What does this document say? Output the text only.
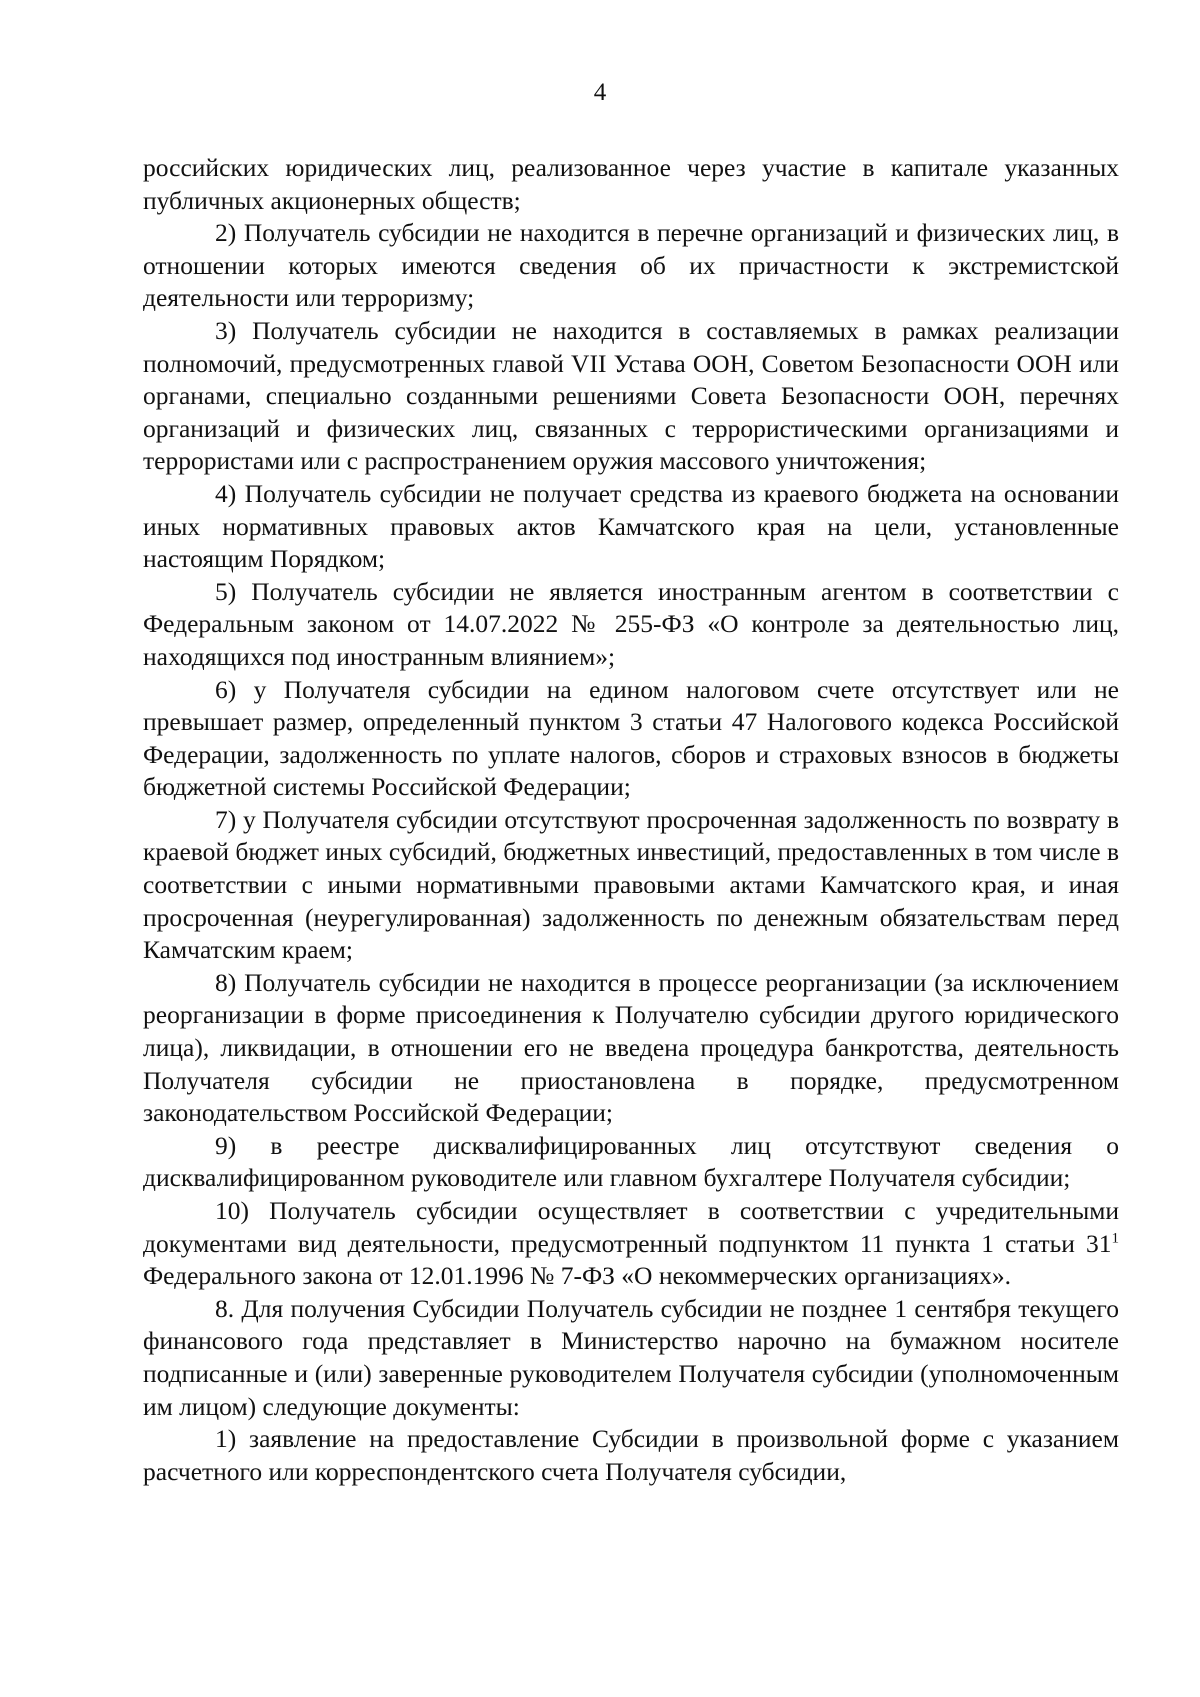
4

российских юридических лиц, реализованное через участие в капитале указанных публичных акционерных обществ;

2) Получатель субсидии не находится в перечне организаций и физических лиц, в отношении которых имеются сведения об их причастности к экстремистской деятельности или терроризму;

3) Получатель субсидии не находится в составляемых в рамках реализации полномочий, предусмотренных главой VII Устава ООН, Советом Безопасности ООН или органами, специально созданными решениями Совета Безопасности ООН, перечнях организаций и физических лиц, связанных с террористическими организациями и террористами или с распространением оружия массового уничтожения;

4) Получатель субсидии не получает средства из краевого бюджета на основании иных нормативных правовых актов Камчатского края на цели, установленные настоящим Порядком;

5) Получатель субсидии не является иностранным агентом в соответствии с Федеральным законом от 14.07.2022 № 255-ФЗ «О контроле за деятельностью лиц, находящихся под иностранным влиянием»;

6) у Получателя субсидии на едином налоговом счете отсутствует или не превышает размер, определенный пунктом 3 статьи 47 Налогового кодекса Российской Федерации, задолженность по уплате налогов, сборов и страховых взносов в бюджеты бюджетной системы Российской Федерации;

7) у Получателя субсидии отсутствуют просроченная задолженность по возврату в краевой бюджет иных субсидий, бюджетных инвестиций, предоставленных в том числе в соответствии с иными нормативными правовыми актами Камчатского края, и иная просроченная (неурегулированная) задолженность по денежным обязательствам перед Камчатским краем;

8) Получатель субсидии не находится в процессе реорганизации (за исключением реорганизации в форме присоединения к Получателю субсидии другого юридического лица), ликвидации, в отношении его не введена процедура банкротства, деятельность Получателя субсидии не приостановлена в порядке, предусмотренном законодательством Российской Федерации;

9) в реестре дисквалифицированных лиц отсутствуют сведения о дисквалифицированном руководителе или главном бухгалтере Получателя субсидии;

10) Получатель субсидии осуществляет в соответствии с учредительными документами вид деятельности, предусмотренный подпунктом 11 пункта 1 статьи $31^1$ Федерального закона от 12.01.1996 № 7-ФЗ «О некоммерческих организациях».

8. Для получения Субсидии Получатель субсидии не позднее 1 сентября текущего финансового года представляет в Министерство нарочно на бумажном носителе подписанные и (или) заверенные руководителем Получателя субсидии (уполномоченным им лицом) следующие документы:

1) заявление на предоставление Субсидии в произвольной форме с указанием расчетного или корреспондентского счета Получателя субсидии,
